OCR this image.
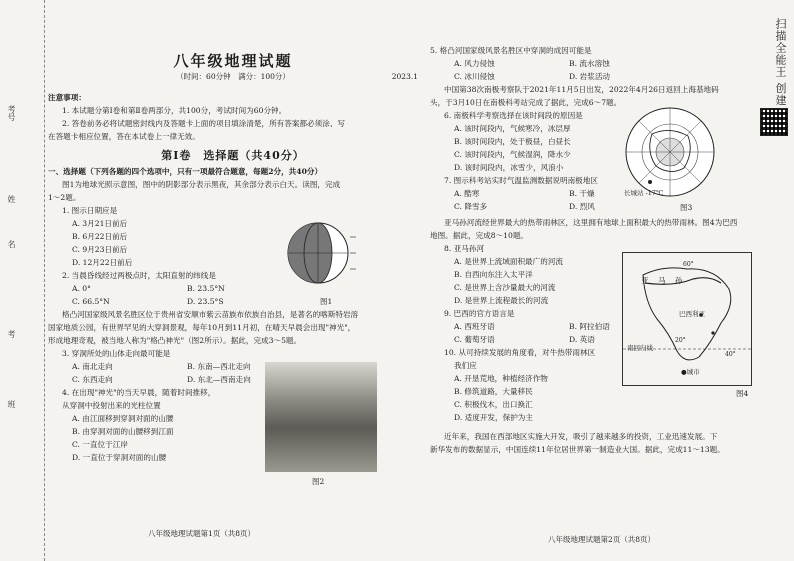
考号
姓
名
考
班
八年级地理试题
（时间：60分钟　满分：100分）	2023.1
注意事项：
1. 本试题分第Ⅰ卷和第Ⅱ卷两部分，共100分，考试时间为60分钟。
2. 答卷前务必将试题密封线内及答题卡上面的项目填涂清楚，所有答案都必须涂、写
在答题卡相应位置，答在本试卷上一律无效。
第Ⅰ卷　选择题（共40分）
一、选择题（下列各题的四个选项中，只有一项最符合题意，每题2分，共40分）
图1为地球光照示意图，图中的阴影部分表示黑夜，其余部分表示白天。读图，完成
1～2题。
1. 图示日期应是
A. 3月21日前后
B. 6月22日前后
C. 9月23日前后
D. 12月22日前后
2. 当晨昏线经过两极点时，太阳直射的纬线是
A. 0°	B. 23.5°N
C. 66.5°N	D. 23.5°S
格凸河国家级风景名胜区位于贵州省安顺市紫云苗族布依族自治县，是著名的喀斯特岩溶
国家地质公园，有世界罕见的大穿洞景观，每年10月到11月初，在晴天早晨会出现"神光"，
形成地理奇观，被当地人称为"格凸神光"（图2所示）。据此，完成3～5题。
3. 穿洞所处的山体走向最可能是
A. 南北走向	B. 东南—西北走向
C. 东西走向	D. 东北—西南走向
4. 在出现"神光"的当天早晨，随着时间推移，
从穿洞中投射出来的光柱位置
A. 由江面移到穿洞对面的山腰
B. 由穿洞对面的山腰移到江面
C. 一直位于江岸
D. 一直位于穿洞对面的山腰
图1
图2
八年级地理试题第1页（共8页）
5. 格凸河国家级风景名胜区中穿洞的成因可能是
A. 风力侵蚀	B. 流水溶蚀
C. 冰川侵蚀	D. 岩浆活动
中国第38次南极考察队于2021年11月5日出发，2022年4月26日返回上海基地码
头，于3月10日在南极科考站完成了据此，完成6～7题。
6. 南极科学考察选择在该时间段的原因是
A. 该时间段内，气候寒冷，冰层厚
B. 该时间段内，处于极昼，白昼长
C. 该时间段内，气候湿润，降水少
D. 该时间段内，冰雪少，风浪小
7. 图示科考站实时气温监测数据说明南极地区
A. 酷寒	B. 干燥
C. 降雪多	D. 烈风
亚马孙河流经世界最大的热带雨林区，这里拥有地球上面积最大的热带雨林。图4为巴西
地图。据此，完成8～10题。
8. 亚马孙河
A. 是世界上流域面积最广的河流
B. 自西向东注入太平洋
C. 是世界上含沙量最大的河流
D. 是世界上流程最长的河流
9. 巴西的官方语言是
A. 西班牙语	B. 阿拉伯语
C. 葡萄牙语	D. 英语
10. 从可持续发展的角度看，对牛热带雨林区
我们应
A. 开垦荒地，种植经济作物
B. 修筑道路，大量移民
C. 积极伐木，出口换汇
D. 适度开发，保护为主
近年来，我国在西部地区实施大开发，吸引了越来越多的投资，工业迅速发展。下
新华发布的数据显示，中国连续11年位居世界第一制造业大国。据此，完成11～13题。
长城站 -17℃
图3
亚　马　孙
巴西利亚
南回归线
60°
20°
40°
●城市
图4
八年级地理试题第2页（共8页）
扫描全能王 创建
